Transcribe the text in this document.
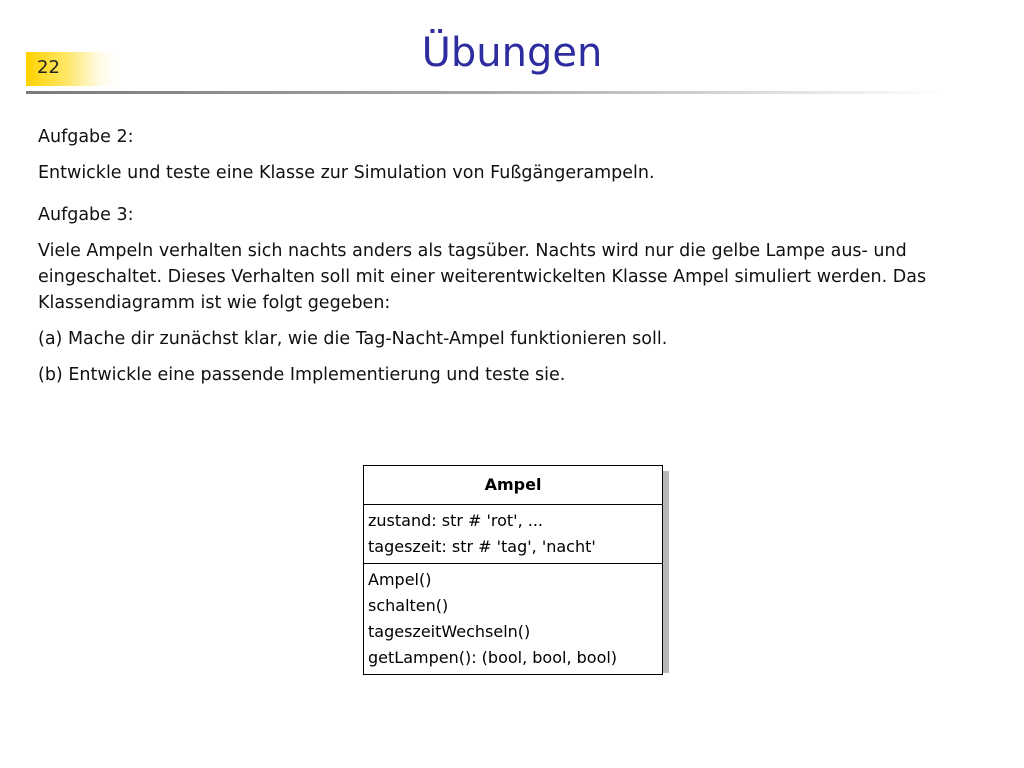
22	Übungen

Aufgabe 2:

Entwickle und teste eine Klasse zur Simulation von Fußgängerampeln.

Aufgabe 3:

Viele Ampeln verhalten sich nachts anders als tagsüber. Nachts wird nur die gelbe Lampe aus- und eingeschaltet. Dieses Verhalten soll mit einer weiterentwickelten Klasse Ampel simuliert werden. Das Klassendiagramm ist wie folgt gegeben:

(a) Mache dir zunächst klar, wie die Tag-Nacht-Ampel funktionieren soll.

(b) Entwickle eine passende Implementierung und teste sie.

Ampel
zustand: str # 'rot', ...
tageszeit: str # 'tag', 'nacht'
Ampel()
schalten()
tageszeitWechseln()
getLampen(): (bool, bool, bool)
